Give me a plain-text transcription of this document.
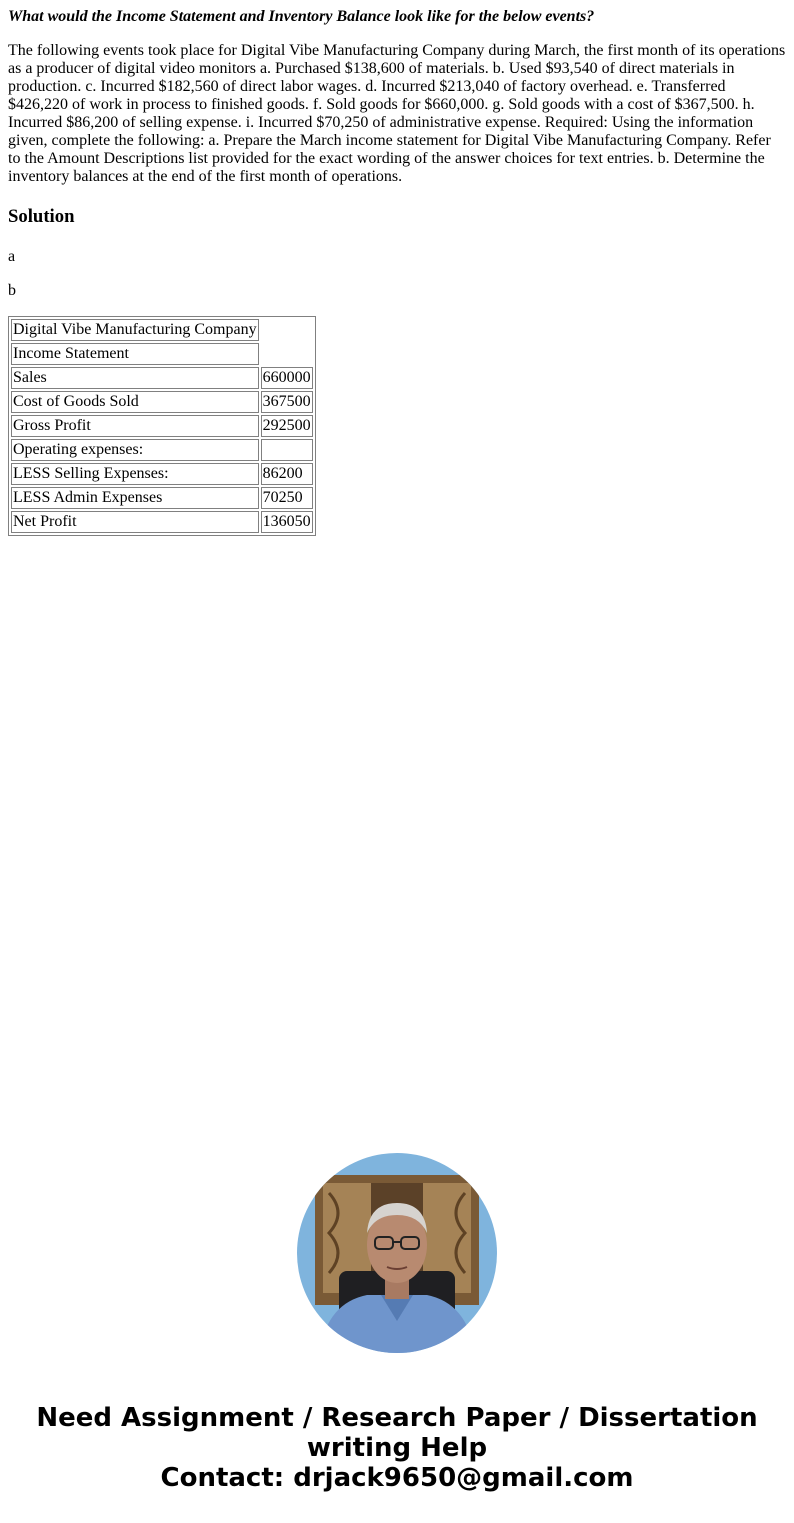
What would the Income Statement and Inventory Balance look like for the below events?

The following events took place for Digital Vibe Manufacturing Company during March, the first month of its operations as a producer of digital video monitors a. Purchased $138,600 of materials. b. Used $93,540 of direct materials in production. c. Incurred $182,560 of direct labor wages. d. Incurred $213,040 of factory overhead. e. Transferred $426,220 of work in process to finished goods. f. Sold goods for $660,000. g. Sold goods with a cost of $367,500. h. Incurred $86,200 of selling expense. i. Incurred $70,250 of administrative expense. Required: Using the information given, complete the following: a. Prepare the March income statement for Digital Vibe Manufacturing Company. Refer to the Amount Descriptions list provided for the exact wording of the answer choices for text entries. b. Determine the inventory balances at the end of the first month of operations.

Solution

a

b

Digital Vibe Manufacturing Company	
Income Statement	
Sales	660000
Cost of Goods Sold	367500
Gross Profit	292500
Operating expenses:	
LESS Selling Expenses:	86200
LESS Admin Expenses	70250
Net Profit	136050
Need Assignment / Research Paper / Dissertation
writing Help
Contact: drjack9650@gmail.com
